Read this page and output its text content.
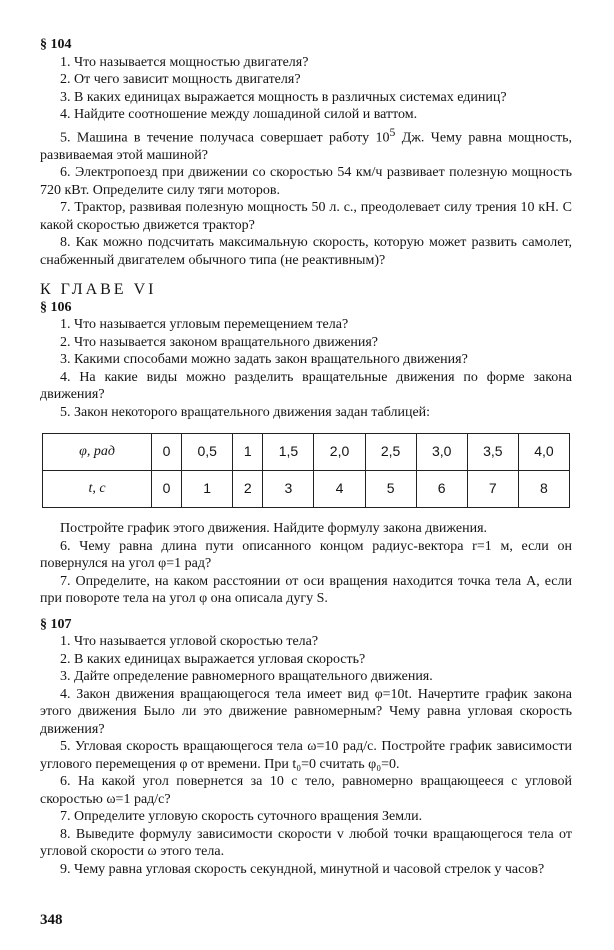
§ 104

1. Что называется мощностью двигателя?

2. От чего зависит мощность двигателя?

3. В каких единицах выражается мощность в различных системах единиц?

4. Найдите соотношение между лошадиной силой и ваттом.

5. Машина в течение получаса совершает работу $10^5$ Дж. Чему равна мощность, развиваемая этой машиной?

6. Электропоезд при движении со скоростью 54 км/ч развивает полезную мощность 720 кВт. Определите силу тяги моторов.

7. Трактор, развивая полезную мощность 50 л. с., преодолевает силу трения 10 кН. С какой скоростью движется трактор?

8. Как можно подсчитать максимальную скорость, которую может развить самолет, снабженный двигателем обычного типа (не реактивным)?

К ГЛАВЕ VI

§ 106

1. Что называется угловым перемещением тела?

2. Что называется законом вращательного движения?

3. Какими способами можно задать закон вращательного движения?

4. На какие виды можно разделить вращательные движения по форме закона движения?

5. Закон некоторого вращательного движения задан таблицей:

φ, рад	0	0,5	1	1,5	2,0	2,5	3,0	3,5	4,0
t, с	0	1	2	3	4	5	6	7	8

Постройте график этого движения. Найдите формулу закона движения.

6. Чему равна длина пути описанного концом радиус-вектора r=1 м, если он повернулся на угол φ=1 рад?

7. Определите, на каком расстоянии от оси вращения находится точка тела A, если при повороте тела на угол φ она описала дугу S.

§ 107

1. Что называется угловой скоростью тела?

2. В каких единицах выражается угловая скорость?

3. Дайте определение равномерного вращательного движения.

4. Закон движения вращающегося тела имеет вид φ=10t. Начертите график закона этого движения Было ли это движение равномерным? Чему равна угловая скорость движения?

5. Угловая скорость вращающегося тела ω=10 рад/с. Постройте график зависимости углового перемещения φ от времени. При t₀=0 считать φ₀=0.

6. На какой угол повернется за 10 с тело, равномерно вращающееся с угловой скоростью ω=1 рад/с?

7. Определите угловую скорость суточного вращения Земли.

8. Выведите формулу зависимости скорости v любой точки вращающегося тела от угловой скорости ω этого тела.

9. Чему равна угловая скорость секундной, минутной и часовой стрелок у часов?

348
